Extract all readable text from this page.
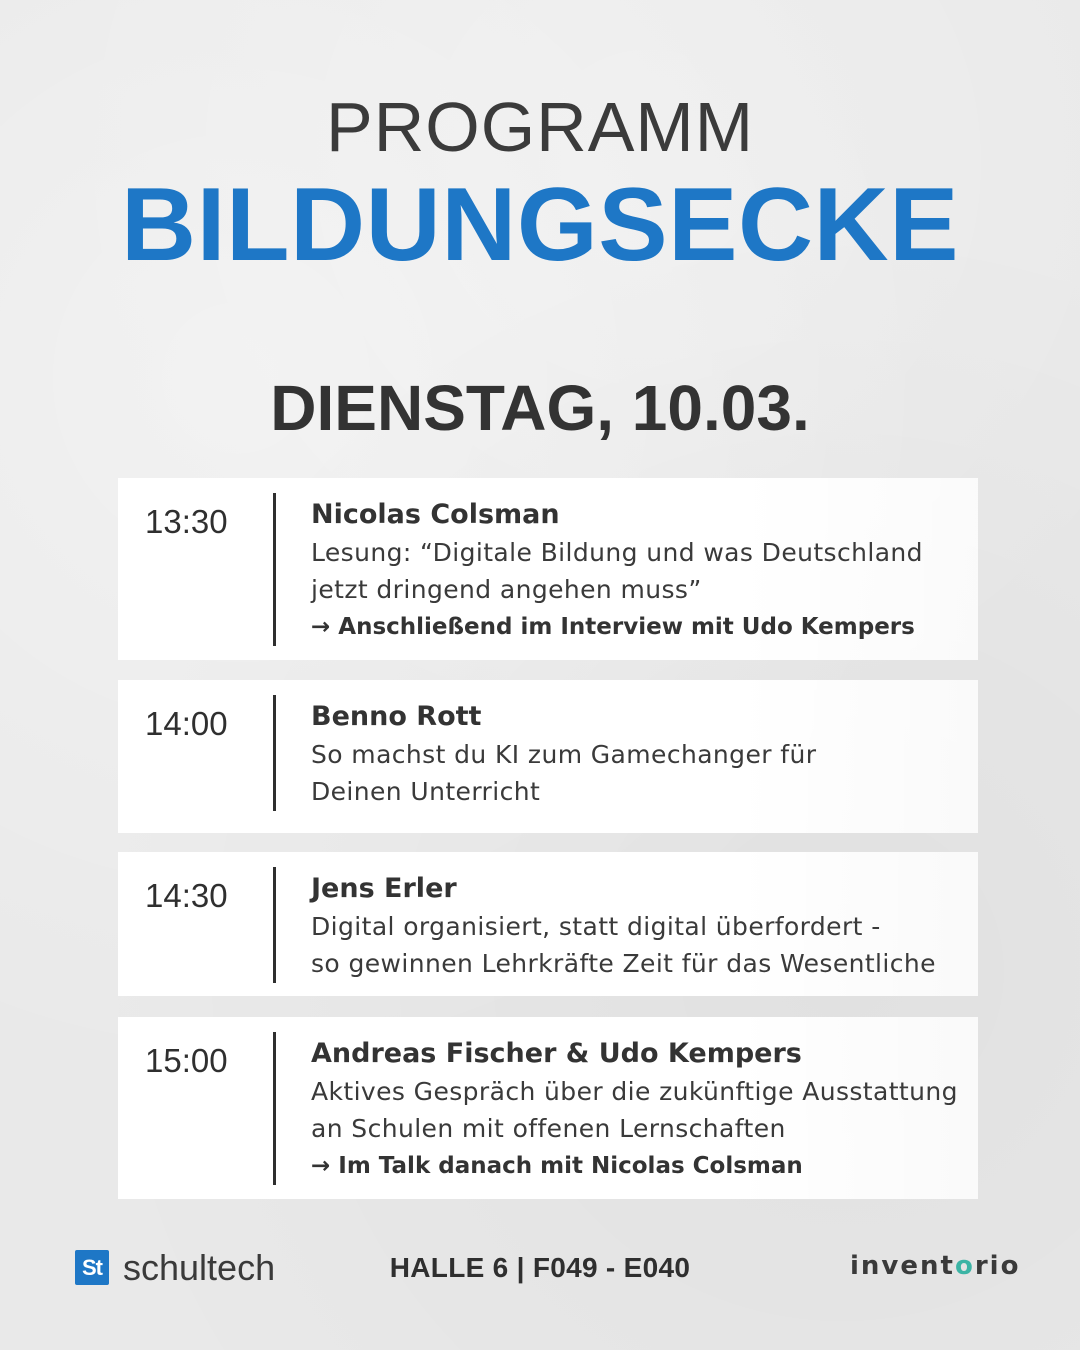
PROGRAMM
BILDUNGSECKE
DIENSTAG, 10.03.
13:30	Nicolas Colsman
Lesung: “Digitale Bildung und was Deutschland
jetzt dringend angehen muss”
→ Anschließend im Interview mit Udo Kempers
14:00	Benno Rott
So machst du KI zum Gamechanger für
Deinen Unterricht
14:30	Jens Erler
Digital organisiert, statt digital überfordert -
so gewinnen Lehrkräfte Zeit für das Wesentliche
15:00	Andreas Fischer & Udo Kempers
Aktives Gespräch über die zukünftige Ausstattung
an Schulen mit offenen Lernschaften
→ Im Talk danach mit Nicolas Colsman
St schultech	HALLE 6 | F049 - E040	inventorio
